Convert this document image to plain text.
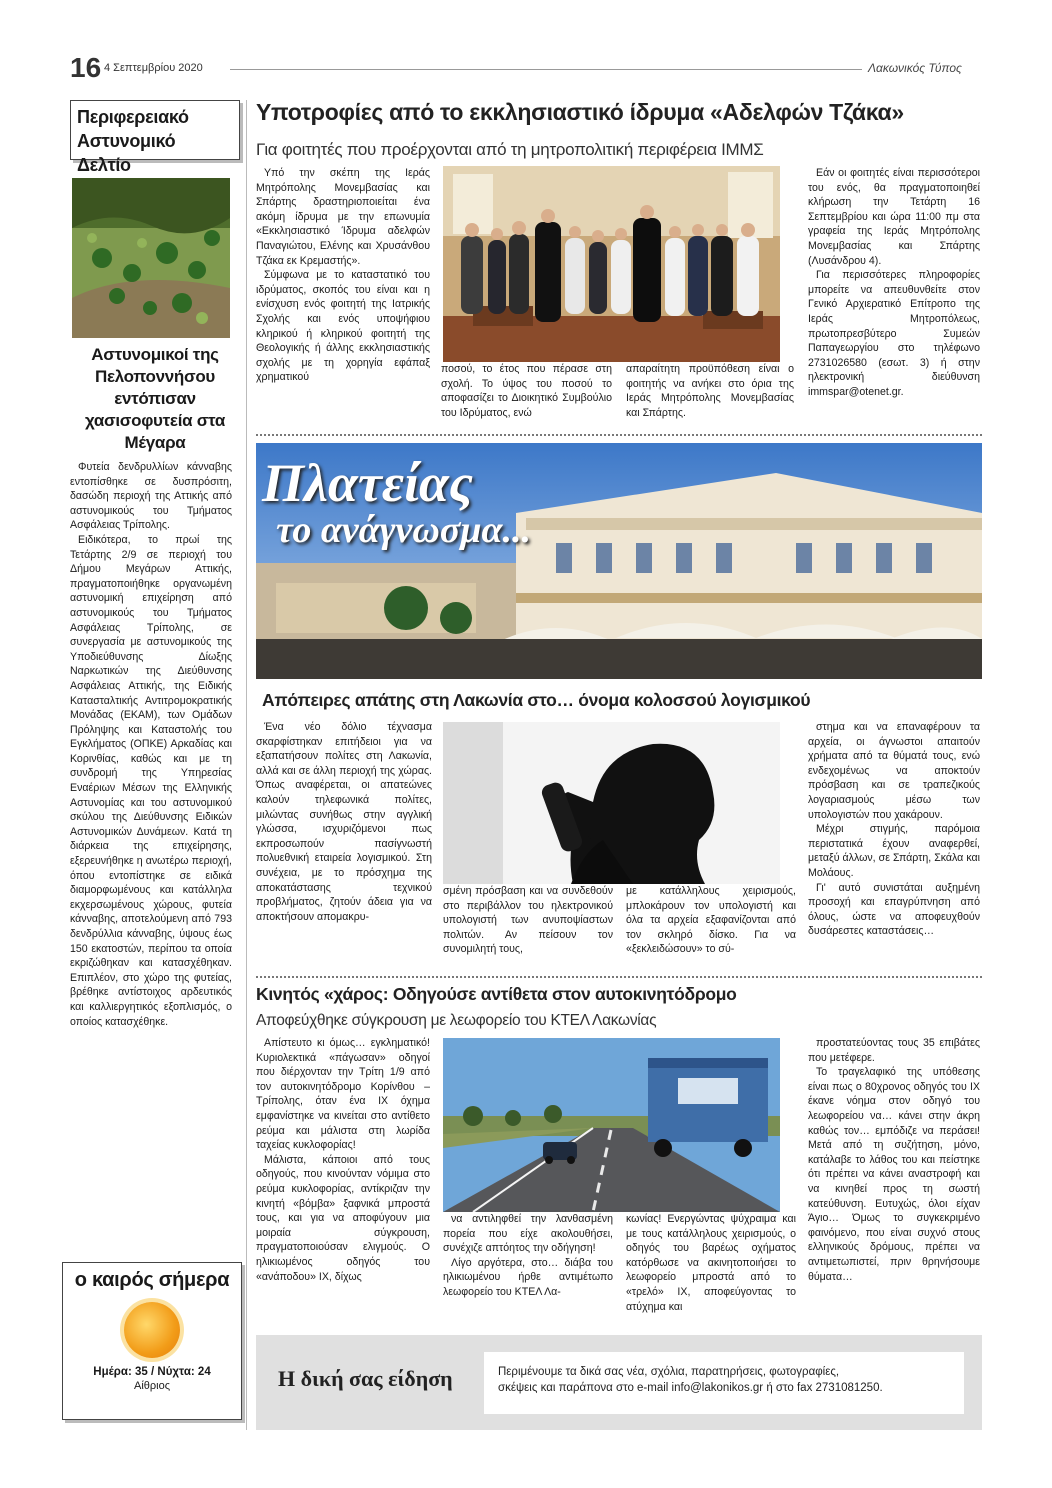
16 4 Σεπτεμβρίου 2020	Λακωνικός Τύπος
Περιφερειακό Αστυνομικό Δελτίο
Αστυνομικοί της Πελοποννήσου εντόπισαν χασισοφυτεία στα Μέγαρα

Φυτεία δενδρυλλίων κάνναβης εντοπίσθηκε σε δυσπρόσιτη, δασώδη περιοχή της Αττικής από αστυνομικούς του Τμήματος Ασφάλειας Τρίπολης.

Ειδικότερα, το πρωί της Τετάρτης 2/9 σε περιοχή του Δήμου Μεγάρων Αττικής, πραγματοποιήθηκε οργανωμένη αστυνομική επιχείρηση από αστυνομικούς του Τμήματος Ασφάλειας Τρίπολης, σε συνεργασία με αστυνομικούς της Υποδιεύθυνσης Δίωξης Ναρκωτικών της Διεύθυνσης Ασφάλειας Αττικής, της Ειδικής Κατασταλτικής Αντιτρομοκρατικής Μονάδας (ΕΚΑΜ), των Ομάδων Πρόληψης και Καταστολής του Εγκλήματος (ΟΠΚΕ) Αρκαδίας και Κορινθίας, καθώς και με τη συνδρομή της Υπηρεσίας Εναέριων Μέσων της Ελληνικής Αστυνομίας και του αστυνομικού σκύλου της Διεύθυνσης Ειδικών Αστυνομικών Δυνάμεων. Κατά τη διάρκεια της επιχείρησης, εξερευνήθηκε η ανωτέρω περιοχή, όπου εντοπίστηκε σε ειδικά διαμορφωμένους και κατάλληλα εκχερσωμένους χώρους, φυτεία κάνναβης, αποτελούμενη από 793 δενδρύλλια κάνναβης, ύψους έως 150 εκατοστών, περίπου τα οποία εκριζώθηκαν και κατασχέθηκαν. Επιπλέον, στο χώρο της φυτείας, βρέθηκε αντίστοιχος αρδευτικός και καλλιεργητικός εξοπλισμός, ο οποίος κατασχέθηκε.

ο καιρός σήμερα
Ημέρα: 35 / Νύχτα: 24
Αίθριος
Υποτροφίες από το εκκλησιαστικό ίδρυμα «Αδελφών Τζάκα»
Για φοιτητές που προέρχονται από τη μητροπολιτική περιφέρεια ΙΜΜΣ

Υπό την σκέπη της Ιεράς Μητρόπολης Μονεμβασίας και Σπάρτης δραστηριοποιείται ένα ακόμη ίδρυμα με την επωνυμία «Εκκλησιαστικό Ίδρυμα αδελφών Παναγιώτου, Ελένης και Χρυσάνθου Τζάκα εκ Κρεμαστής».

Σύμφωνα με το καταστατικό του ιδρύματος, σκοπός του είναι και η ενίσχυση ενός φοιτητή της Ιατρικής Σχολής και ενός υποψήφιου κληρικού ή κληρικού φοιτητή της Θεολογικής ή άλλης εκκλησιαστικής σχολής με τη χορηγία εφάπαξ χρηματικού

ποσού, το έτος που πέρασε στη σχολή. Το ύψος του ποσού το αποφασίζει το Διοικητικό Συμβούλιο του Ιδρύματος, ενώ
απαραίτητη προϋπόθεση είναι ο φοιτητής να ανήκει στο όρια της Ιεράς Μητρόπολης Μονεμβασίας και Σπάρτης.

Εάν οι φοιτητές είναι περισσότεροι του ενός, θα πραγματοποιηθεί κλήρωση την Τετάρτη 16 Σεπτεμβρίου και ώρα 11:00 πμ στα γραφεία της Ιεράς Μητρόπολης Μονεμβασίας και Σπάρτης (Λυσάνδρου 4).

Για περισσότερες πληροφορίες μπορείτε να απευθυνθείτε στον Γενικό Αρχιερατικό Επίτροπο της Ιεράς Μητροπόλεως, πρωτοπρεσβύτερο Συμεών Παπαγεωργίου στο τηλέφωνο 2731026580 (εσωτ. 3) ή στην ηλεκτρονική διεύθυνση immspar@otenet.gr.

Πλατείας
το ανάγνωσμα...
Απόπειρες απάτης στη Λακωνία στο… όνομα κολοσσού λογισμικού

Ένα νέο δόλιο τέχνασμα σκαρφίστηκαν επιτήδειοι για να εξαπατήσουν πολίτες στη Λακωνία, αλλά και σε άλλη περιοχή της χώρας. Όπως αναφέρεται, οι απατεώνες καλούν τηλεφωνικά πολίτες, μιλώντας συνήθως στην αγγλική γλώσσα, ισχυριζόμενοι πως εκπροσωπούν πασίγνωστή πολυεθνική εταιρεία λογισμικού. Στη συνέχεια, με το πρόσχημα της αποκατάστασης τεχνικού προβλήματος, ζητούν άδεια για να αποκτήσουν απομακρυ-

σμένη πρόσβαση και να συνδεθούν στο περιβάλλον του ηλεκτρονικού υπολογιστή των ανυποψίαστων πολιτών. Αν πείσουν τον συνομιλητή τους,
με κατάλληλους χειρισμούς, μπλοκάρουν τον υπολογιστή και όλα τα αρχεία εξαφανίζονται από τον σκληρό δίσκο. Για να «ξεκλειδώσουν» το σύ-

στημα και να επαναφέρουν τα αρχεία, οι άγνωστοι απαιτούν χρήματα από τα θύματά τους, ενώ ενδεχομένως να αποκτούν πρόσβαση και σε τραπεζικούς λογαριασμούς μέσω των υπολογιστών που χακάρουν.

Μέχρι στιγμής, παρόμοια περιστατικά έχουν αναφερθεί, μεταξύ άλλων, σε Σπάρτη, Σκάλα και Μολάους.

Γι' αυτό συνιστάται αυξημένη προσοχή και επαγρύπνηση από όλους, ώστε να αποφευχθούν δυσάρεστες καταστάσεις…

Κινητός «χάρος: Οδηγούσε αντίθετα στον αυτοκινητόδρομο
Αποφεύχθηκε σύγκρουση με λεωφορείο του ΚΤΕΛ Λακωνίας

Απίστευτο κι όμως… εγκληματικό! Κυριολεκτικά «πάγωσαν» οδηγοί που διέρχονταν την Τρίτη 1/9 από τον αυτοκινητόδρομο Κορίνθου – Τρίπολης, όταν ένα ΙΧ όχημα εμφανίστηκε να κινείται στο αντίθετο ρεύμα και μάλιστα στη λωρίδα ταχείας κυκλοφορίας!

Μάλιστα, κάποιοι από τους οδηγούς, που κινούνταν νόμιμα στο ρεύμα κυκλοφορίας, αντίκριζαν την κινητή «βόμβα» ξαφνικά μπροστά τους, και για να αποφύγουν μια μοιραία σύγκρουση, πραγματοποιούσαν ελιγμούς. Ο ηλικιωμένος οδηγός του «ανάποδου» ΙΧ, δίχως

να αντιληφθεί την λανθασμένη πορεία που είχε ακολουθήσει, συνέχιζε απτόητος την οδήγηση!

Λίγο αργότερα, στο… διάβα του ηλικιωμένου ήρθε αντιμέτωπο λεωφορείο του ΚΤΕΛ Λα-

κωνίας! Ενεργώντας ψύχραιμα και με τους κατάλληλους χειρισμούς, ο οδηγός του βαρέως οχήματος κατόρθωσε να ακινητοποιήσει το λεωφορείο μπροστά από το «τρελό» ΙΧ, αποφεύγοντας το ατύχημα και

προστατεύοντας τους 35 επιβάτες που μετέφερε.

Το τραγελαφικό της υπόθεσης είναι πως ο 80χρονος οδηγός του ΙΧ έκανε νόημα στον οδηγό του λεωφορείου να… κάνει στην άκρη καθώς τον… εμπόδιζε να περάσει! Μετά από τη συζήτηση, μόνο, κατάλαβε το λάθος του και πείστηκε ότι πρέπει να κάνει αναστροφή και να κινηθεί προς τη σωστή κατεύθυνση. Ευτυχώς, όλοι είχαν Άγιο… Όμως το συγκεκριμένο φαινόμενο, που είναι συχνό στους ελληνικούς δρόμους, πρέπει να αντιμετωπιστεί, πριν θρηνήσουμε θύματα…

Η δική σας είδηση	Περιμένουμε τα δικά σας νέα, σχόλια, παρατηρήσεις, φωτογραφίες,
σκέψεις και παράπονα στο e-mail info@lakonikos.gr ή στο fax 2731081250.
